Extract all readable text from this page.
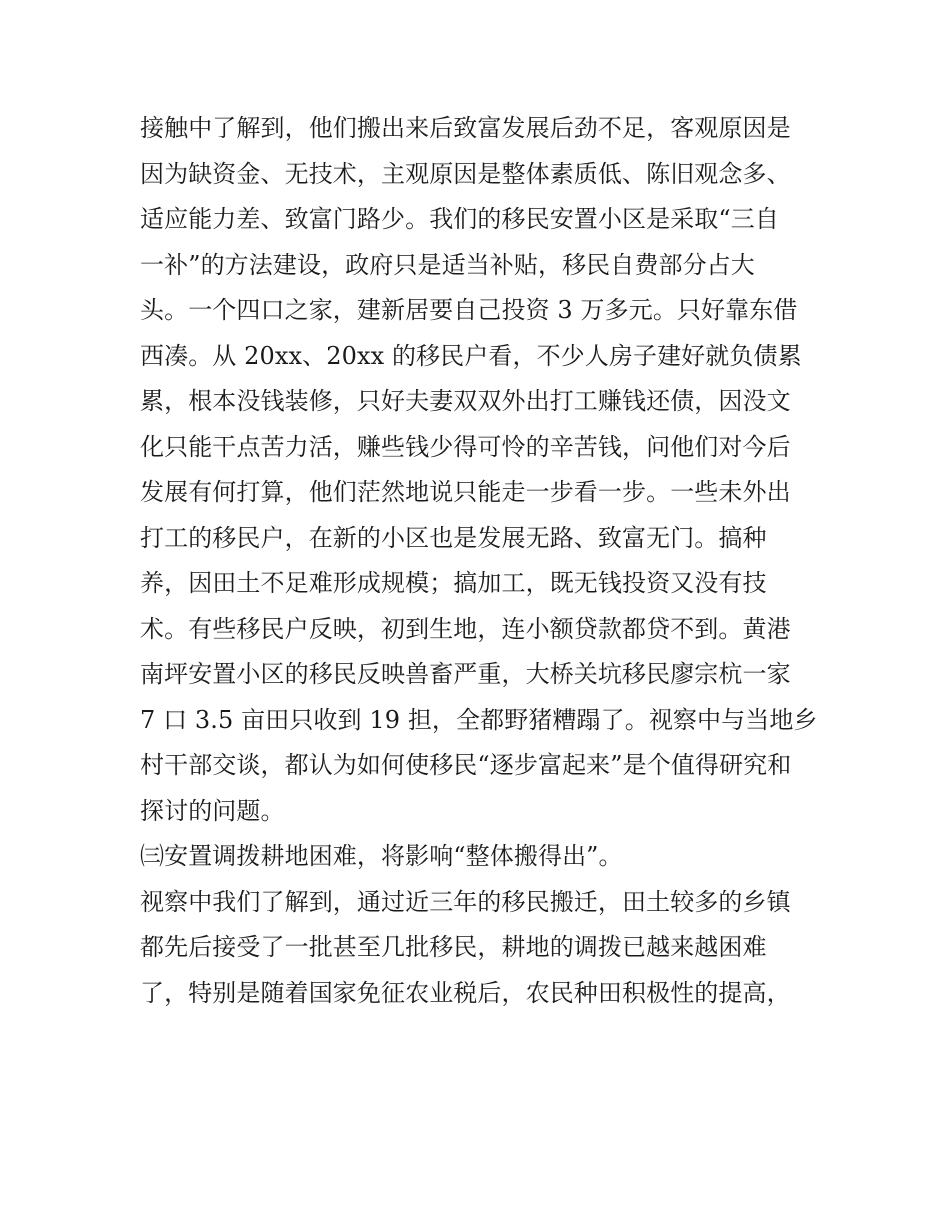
接触中了解到，他们搬出来后致富发展后劲不足，客观原因是
因为缺资金、无技术，主观原因是整体素质低、陈旧观念多、
适应能力差、致富门路少。我们的移民安置小区是采取“三自
一补”的方法建设，政府只是适当补贴，移民自费部分占大
头。一个四口之家，建新居要自己投资 3 万多元。只好靠东借
西凑。从 20xx、20xx 的移民户看，不少人房子建好就负债累
累，根本没钱装修，只好夫妻双双外出打工赚钱还债，因没文
化只能干点苦力活，赚些钱少得可怜的辛苦钱，问他们对今后
发展有何打算，他们茫然地说只能走一步看一步。一些未外出
打工的移民户，在新的小区也是发展无路、致富无门。搞种
养，因田土不足难形成规模；搞加工，既无钱投资又没有技
术。有些移民户反映，初到生地，连小额贷款都贷不到。黄港
南坪安置小区的移民反映兽畜严重，大桥关坑移民廖宗杭一家
7 口 3.5 亩田只收到 19 担，全都野猪糟蹋了。视察中与当地乡
村干部交谈，都认为如何使移民“逐步富起来”是个值得研究和
探讨的问题。
㈢安置调拨耕地困难，将影响“整体搬得出”。
视察中我们了解到，通过近三年的移民搬迁，田土较多的乡镇
都先后接受了一批甚至几批移民，耕地的调拨已越来越困难
了，特别是随着国家免征农业税后，农民种田积极性的提高，
